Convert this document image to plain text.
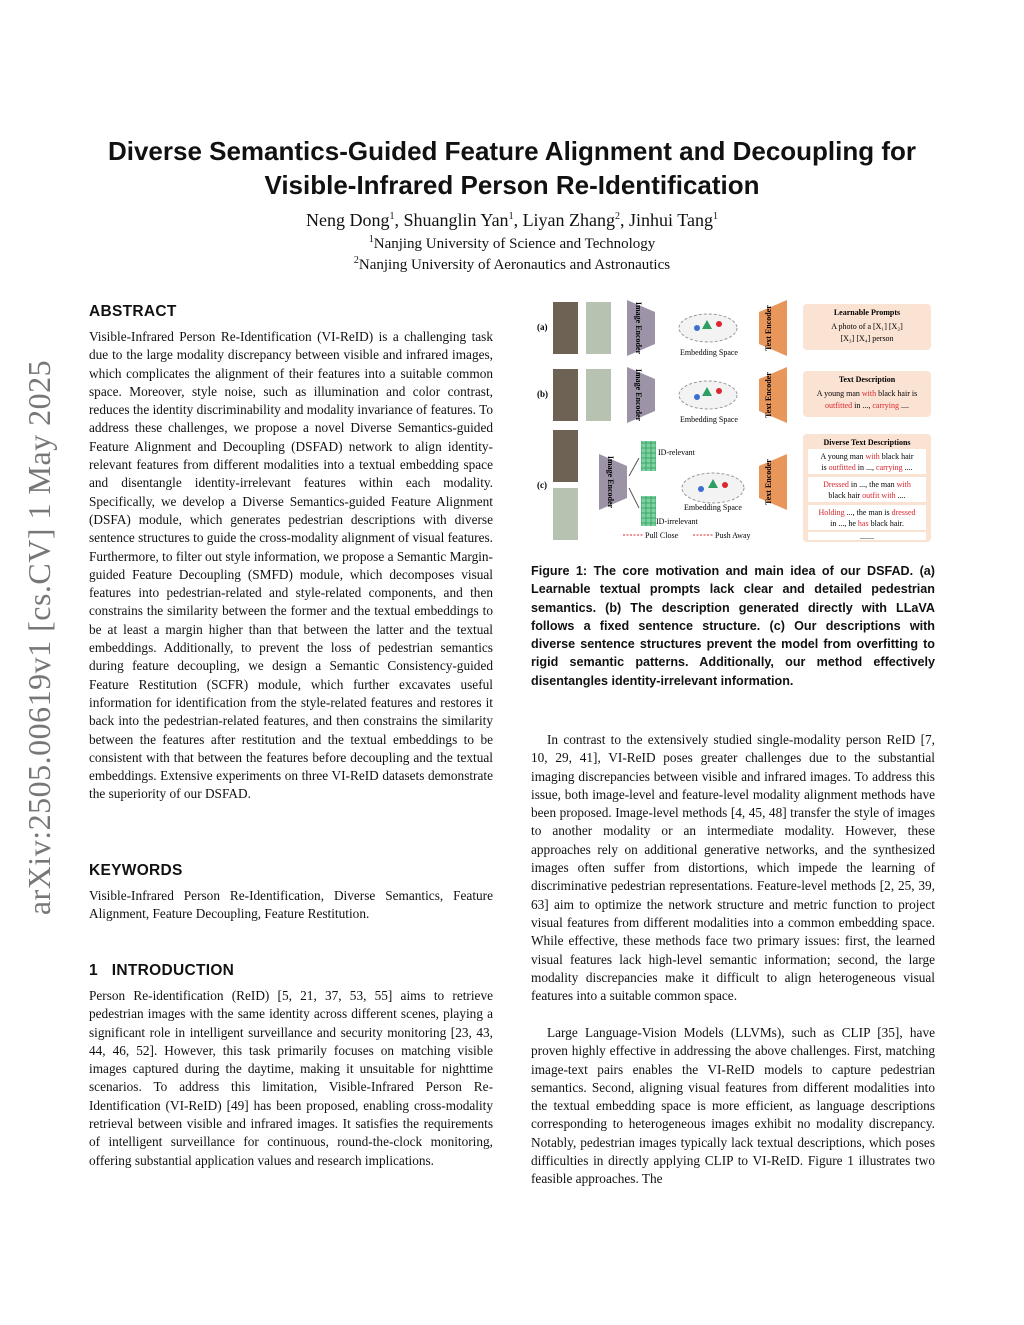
arXiv:2505.00619v1 [cs.CV] 1 May 2025
Diverse Semantics-Guided Feature Alignment and Decoupling for
Visible-Infrared Person Re-Identification
Neng Dong$^1$, Shuanglin Yan$^1$, Liyan Zhang$^2$, Jinhui Tang$^1$
$^1$Nanjing University of Science and Technology
$^2$Nanjing University of Aeronautics and Astronautics
ABSTRACT
Visible-Infrared Person Re-Identification (VI-ReID) is a challenging task due to the large modality discrepancy between visible and infrared images, which complicates the alignment of their features into a suitable common space. Moreover, style noise, such as illumination and color contrast, reduces the identity discriminability and modality invariance of features. To address these challenges, we propose a novel Diverse Semantics-guided Feature Alignment and Decoupling (DSFAD) network to align identity-relevant features from different modalities into a textual embedding space and disentangle identity-irrelevant features within each modality. Specifically, we develop a Diverse Semantics-guided Feature Alignment (DSFA) module, which generates pedestrian descriptions with diverse sentence structures to guide the cross-modality alignment of visual features. Furthermore, to filter out style information, we propose a Semantic Margin-guided Feature Decoupling (SMFD) module, which decomposes visual features into pedestrian-related and style-related components, and then constrains the similarity between the former and the textual embeddings to be at least a margin higher than that between the latter and the textual embeddings. Additionally, to prevent the loss of pedestrian semantics during feature decoupling, we design a Semantic Consistency-guided Feature Restitution (SCFR) module, which further excavates useful information for identification from the style-related features and restores it back into the pedestrian-related features, and then constrains the similarity between the features after restitution and the textual embeddings to be consistent with that between the features before decoupling and the textual embeddings. Extensive experiments on three VI-ReID datasets demonstrate the superiority of our DSFAD.
KEYWORDS
Visible-Infrared Person Re-Identification, Diverse Semantics, Feature Alignment, Feature Decoupling, Feature Restitution.
1   INTRODUCTION
Person Re-identification (ReID) [5, 21, 37, 53, 55] aims to retrieve pedestrian images with the same identity across different scenes, playing a significant role in intelligent surveillance and security monitoring [23, 43, 44, 46, 52]. However, this task primarily focuses on matching visible images captured during the daytime, making it unsuitable for nighttime scenarios. To address this limitation, Visible-Infrared Person Re-Identification (VI-ReID) [49] has been proposed, enabling cross-modality retrieval between visible and infrared images. It satisfies the requirements of intelligent surveillance for continuous, round-the-clock monitoring, offering substantial application values and research implications.
In contrast to the extensively studied single-modality person ReID [7, 10, 29, 41], VI-ReID poses greater challenges due to the substantial imaging discrepancies between visible and infrared images. To address this issue, both image-level and feature-level modality alignment methods have been proposed. Image-level methods [4, 45, 48] transfer the style of images to another modality or an intermediate modality. However, these approaches rely on additional generative networks, and the synthesized images often suffer from distortions, which impede the learning of discriminative pedestrian representations. Feature-level methods [2, 25, 39, 63] aim to optimize the network structure and metric function to project visual features from different modalities into a common embedding space. While effective, these methods face two primary issues: first, the learned visual features lack high-level semantic information; second, the large modality discrepancies make it difficult to align heterogeneous visual features into a suitable common space.
Large Language-Vision Models (LLVMs), such as CLIP [35], have proven highly effective in addressing the above challenges. First, matching image-text pairs enables the VI-ReID models to capture pedestrian semantics. Second, aligning visual features from different modalities into the textual embedding space is more efficient, as language descriptions corresponding to heterogeneous images exhibit no modality discrepancy. Notably, pedestrian images typically lack textual descriptions, which poses difficulties in directly applying CLIP to VI-ReID. Figure 1 illustrates two feasible approaches. The
(a)	Image Encoder	Embedding Space
Text Encoder	Learnable Prompts
A photo of a [X₁] [X₂]
[X₃] [X₄] person
(b)	Image Encoder	Embedding Space
Text Encoder	Text Description
A young man with black hair is
outfitted in ..., carrying ....
(c)	Image Encoder
ID-relevant
ID-irrelevant
Embedding Space
Pull Close	Push Away
Text Encoder
Diverse Text Descriptions
A young man with black hair
is outfitted in ..., carrying ....
Dressed in ..., the man with
black hair outfit with ....
Holding ..., the man is dressed
in ..., he has black hair.
.......
Figure 1: The core motivation and main idea of our DSFAD. (a) Learnable textual prompts lack clear and detailed pedestrian semantics. (b) The description generated directly with LLaVA follows a fixed sentence structure. (c) Our descriptions with diverse sentence structures prevent the model from overfitting to rigid semantic patterns. Additionally, our method effectively disentangles identity-irrelevant information.
